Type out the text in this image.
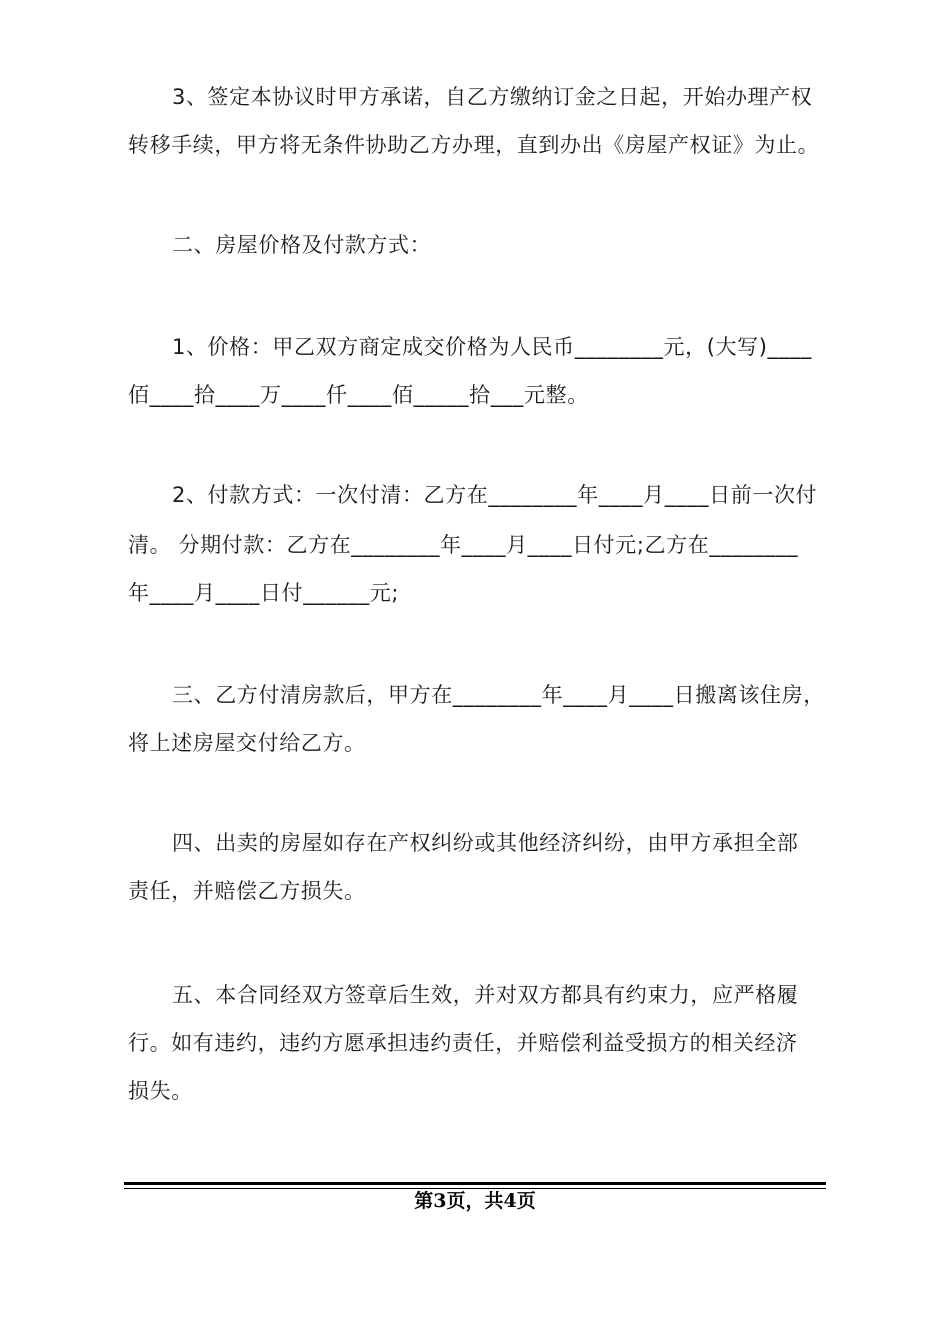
3、签定本协议时甲方承诺，自乙方缴纳订金之日起，开始办理产权
转移手续，甲方将无条件协助乙方办理，直到办出《房屋产权证》为止。
二、房屋价格及付款方式：
1、价格：甲乙双方商定成交价格为人民币________元，(大写)____
佰____拾____万____仟____佰_____拾___元整。
2、付款方式：一次付清：乙方在________年____月____日前一次付
清。 分期付款：乙方在________年____月____日付元;乙方在________
年____月____日付______元;
三、乙方付清房款后，甲方在________年____月____日搬离该住房，
将上述房屋交付给乙方。
四、出卖的房屋如存在产权纠纷或其他经济纠纷，由甲方承担全部
责任，并赔偿乙方损失。
五、本合同经双方签章后生效，并对双方都具有约束力，应严格履
行。如有违约，违约方愿承担违约责任，并赔偿利益受损方的相关经济
损失。
第3页，共4页
